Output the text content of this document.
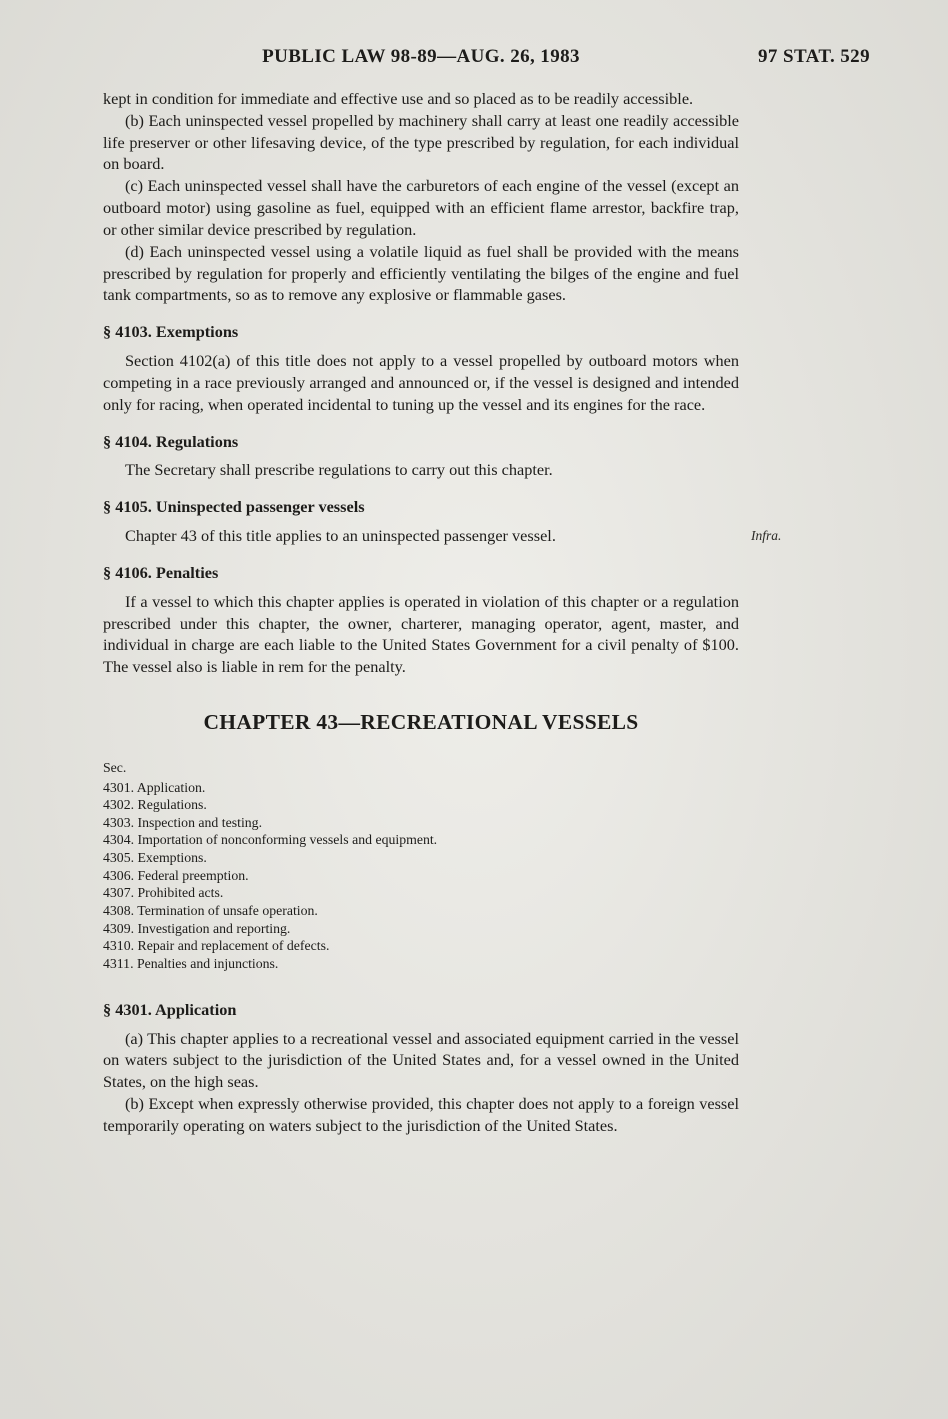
PUBLIC LAW 98-89—AUG. 26, 1983	97 STAT. 529

kept in condition for immediate and effective use and so placed as to be readily accessible.

(b) Each uninspected vessel propelled by machinery shall carry at least one readily accessible life preserver or other lifesaving device, of the type prescribed by regulation, for each individual on board.

(c) Each uninspected vessel shall have the carburetors of each engine of the vessel (except an outboard motor) using gasoline as fuel, equipped with an efficient flame arrestor, backfire trap, or other similar device prescribed by regulation.

(d) Each uninspected vessel using a volatile liquid as fuel shall be provided with the means prescribed by regulation for properly and efficiently ventilating the bilges of the engine and fuel tank compartments, so as to remove any explosive or flammable gases.

§ 4103. Exemptions

Section 4102(a) of this title does not apply to a vessel propelled by outboard motors when competing in a race previously arranged and announced or, if the vessel is designed and intended only for racing, when operated incidental to tuning up the vessel and its engines for the race.

§ 4104. Regulations

The Secretary shall prescribe regulations to carry out this chapter.

§ 4105. Uninspected passenger vessels

Chapter 43 of this title applies to an uninspected passenger vessel.	Infra.

§ 4106. Penalties

If a vessel to which this chapter applies is operated in violation of this chapter or a regulation prescribed under this chapter, the owner, charterer, managing operator, agent, master, and individual in charge are each liable to the United States Government for a civil penalty of $100. The vessel also is liable in rem for the penalty.

CHAPTER 43—RECREATIONAL VESSELS

Sec.

4301. Application.

4302. Regulations.

4303. Inspection and testing.

4304. Importation of nonconforming vessels and equipment.

4305. Exemptions.

4306. Federal preemption.

4307. Prohibited acts.

4308. Termination of unsafe operation.

4309. Investigation and reporting.

4310. Repair and replacement of defects.

4311. Penalties and injunctions.

§ 4301. Application

(a) This chapter applies to a recreational vessel and associated equipment carried in the vessel on waters subject to the jurisdiction of the United States and, for a vessel owned in the United States, on the high seas.

(b) Except when expressly otherwise provided, this chapter does not apply to a foreign vessel temporarily operating on waters subject to the jurisdiction of the United States.
